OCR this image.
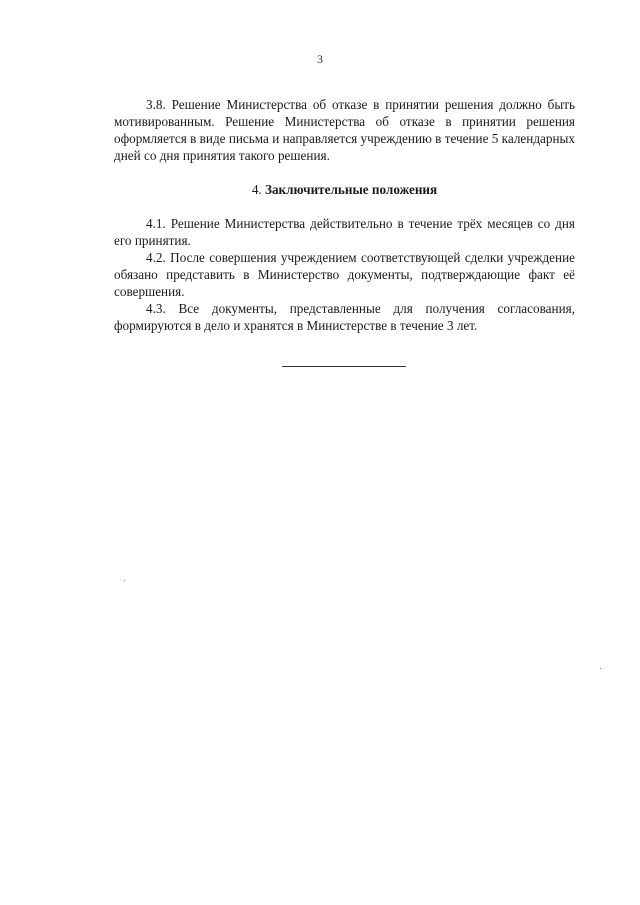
3

3.8. Решение Министерства об отказе в принятии решения должно быть мотивированным. Решение Министерства об отказе в принятии решения оформляется в виде письма и направляется учреждению в течение 5 календарных дней со дня принятия такого решения.

4. Заключительные положения

4.1. Решение Министерства действительно в течение трёх месяцев со дня его принятия.

4.2. После совершения учреждением соответствующей сделки учреждение обязано представить в Министерство документы, подтверждающие факт её совершения.

4.3. Все документы, представленные для получения согласования, формируются в дело и хранятся в Министерстве в течение 3 лет.
